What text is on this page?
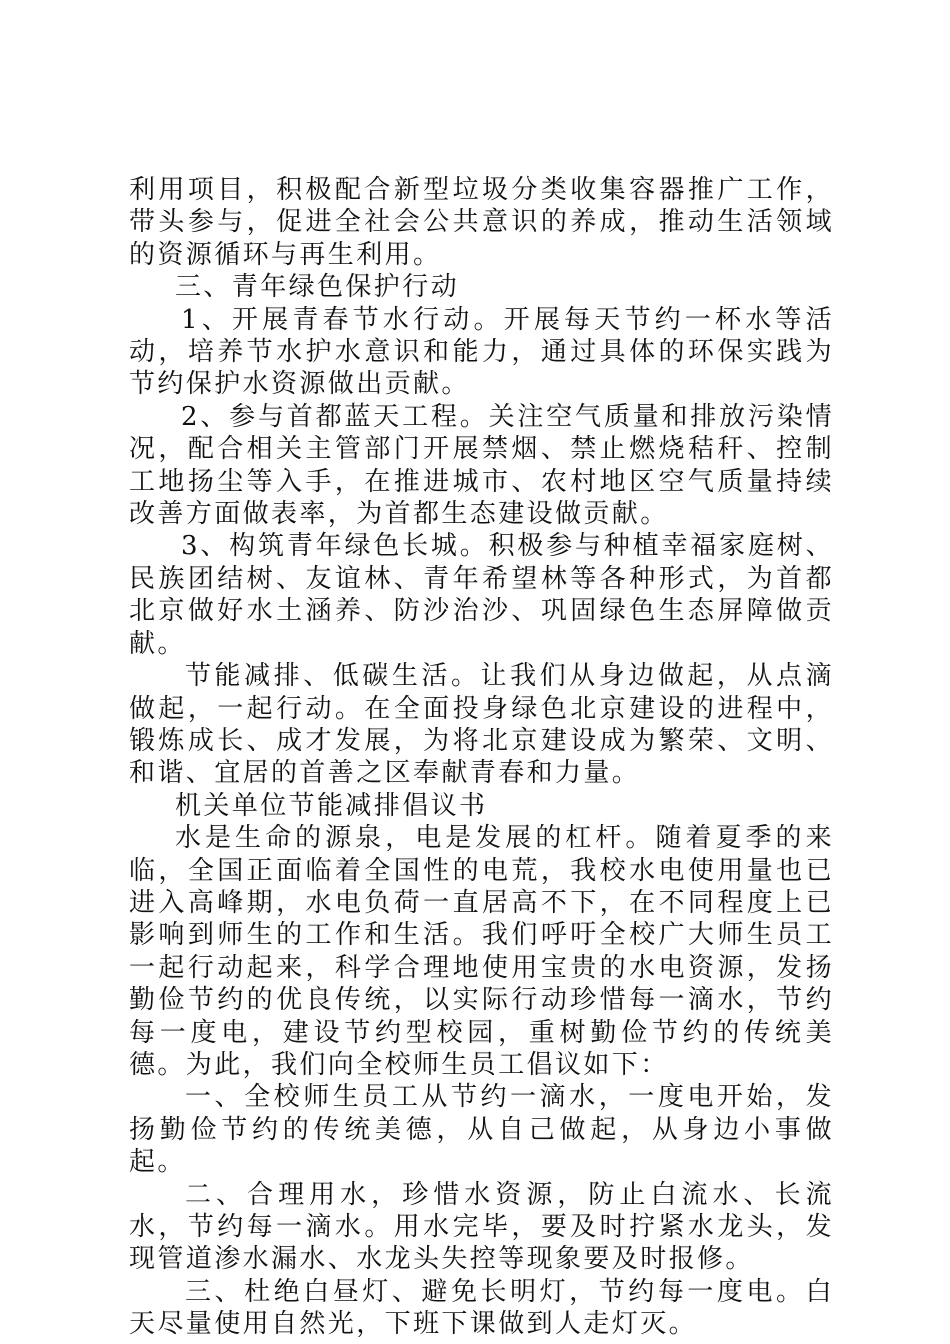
利用项目，积极配合新型垃圾分类收集容器推广工作，带头参与，促进全社会公共意识的养成，推动生活领域的资源循环与再生利用。

三、青年绿色保护行动

1、开展青春节水行动。开展每天节约一杯水等活动，培养节水护水意识和能力，通过具体的环保实践为节约保护水资源做出贡献。

2、参与首都蓝天工程。关注空气质量和排放污染情况，配合相关主管部门开展禁烟、禁止燃烧秸秆、控制工地扬尘等入手，在推进城市、农村地区空气质量持续改善方面做表率，为首都生态建设做贡献。

3、构筑青年绿色长城。积极参与种植幸福家庭树、民族团结树、友谊林、青年希望林等各种形式，为首都北京做好水土涵养、防沙治沙、巩固绿色生态屏障做贡献。

节能减排、低碳生活。让我们从身边做起，从点滴做起，一起行动。在全面投身绿色北京建设的进程中，锻炼成长、成才发展，为将北京建设成为繁荣、文明、和谐、宜居的首善之区奉献青春和力量。

机关单位节能减排倡议书

水是生命的源泉，电是发展的杠杆。随着夏季的来临，全国正面临着全国性的电荒，我校水电使用量也已进入高峰期，水电负荷一直居高不下，在不同程度上已影响到师生的工作和生活。我们呼吁全校广大师生员工一起行动起来，科学合理地使用宝贵的水电资源，发扬勤俭节约的优良传统，以实际行动珍惜每一滴水，节约每一度电，建设节约型校园，重树勤俭节约的传统美德。为此，我们向全校师生员工倡议如下：

一、全校师生员工从节约一滴水，一度电开始，发扬勤俭节约的传统美德，从自己做起，从身边小事做起。

二、合理用水，珍惜水资源，防止白流水、长流水，节约每一滴水。用水完毕，要及时拧紧水龙头，发现管道渗水漏水、水龙头失控等现象要及时报修。

三、杜绝白昼灯、避免长明灯，节约每一度电。白天尽量使用自然光，下班下课做到人走灯灭。
